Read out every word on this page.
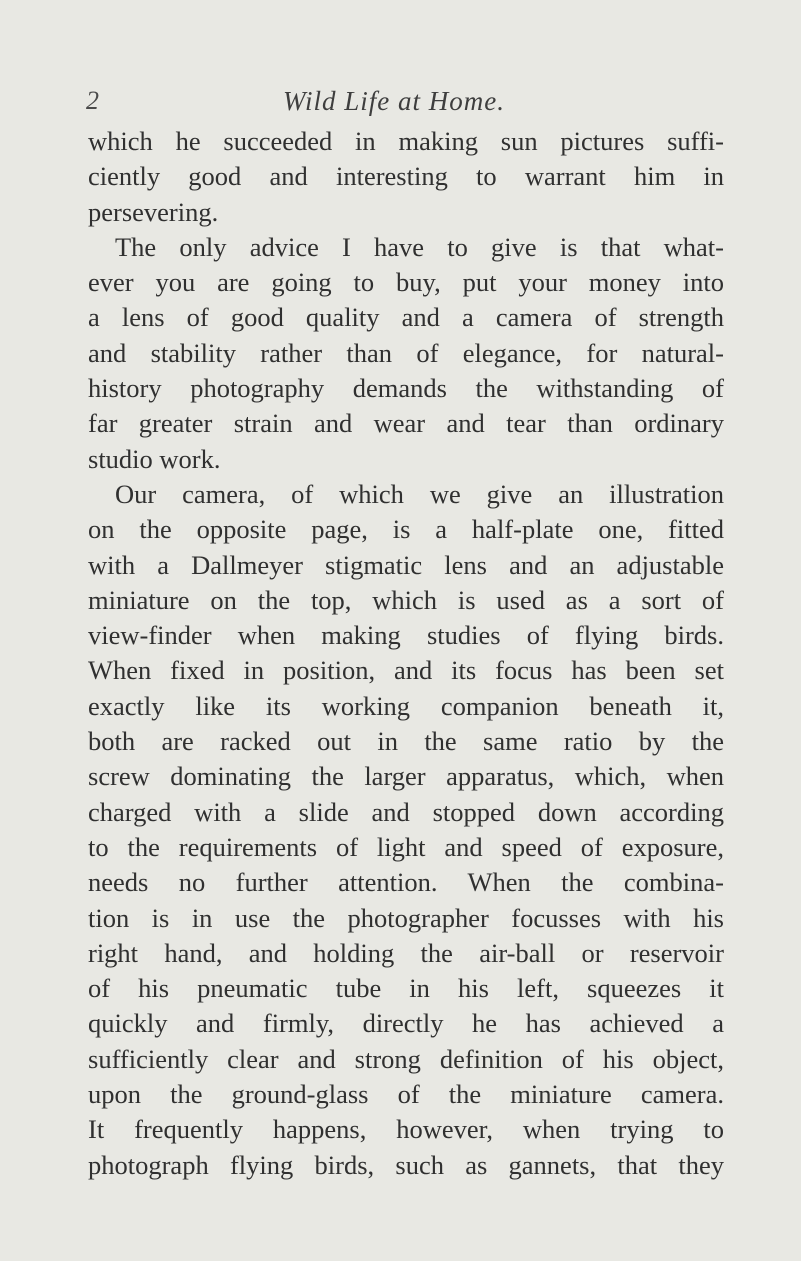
2	Wild Life at Home.
which he succeeded in making sun pictures suffi-
ciently good and interesting to warrant him in
persevering.
The only advice I have to give is that what-
ever you are going to buy, put your money into
a lens of good quality and a camera of strength
and stability rather than of elegance, for natural-
history photography demands the withstanding of
far greater strain and wear and tear than ordinary
studio work.
Our camera, of which we give an illustration
on the opposite page, is a half-plate one, fitted
with a Dallmeyer stigmatic lens and an adjustable
miniature on the top, which is used as a sort of
view-finder when making studies of flying birds.
When fixed in position, and its focus has been set
exactly like its working companion beneath it,
both are racked out in the same ratio by the
screw dominating the larger apparatus, which, when
charged with a slide and stopped down according
to the requirements of light and speed of exposure,
needs no further attention. When the combina-
tion is in use the photographer focusses with his
right hand, and holding the air-ball or reservoir
of his pneumatic tube in his left, squeezes it
quickly and firmly, directly he has achieved a
sufficiently clear and strong definition of his object,
upon the ground-glass of the miniature camera.
It frequently happens, however, when trying to
photograph flying birds, such as gannets, that they
